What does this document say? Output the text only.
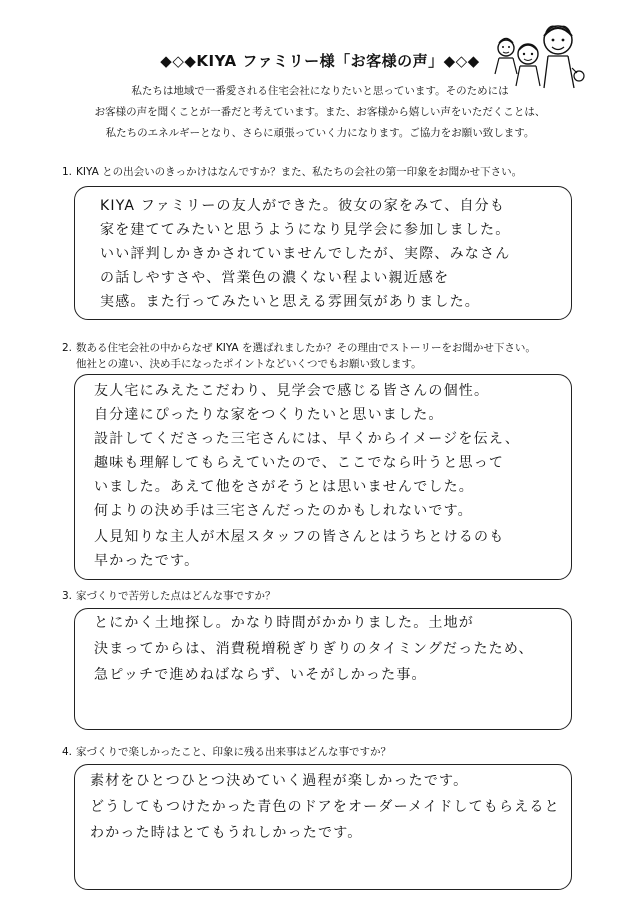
◆◇◆KIYA ファミリー様「お客様の声」◆◇◆
私たちは地域で一番愛される住宅会社になりたいと思っています。そのためには
お客様の声を聞くことが一番だと考えています。また、お客様から嬉しい声をいただくことは、
私たちのエネルギーとなり、さらに頑張っていく力になります。ご協力をお願い致します。
1. KIYA との出会いのきっかけはなんですか？また、私たちの会社の第一印象をお聞かせ下さい。
KIYA ファミリーの友人ができた。彼女の家をみて、自分も
家を建ててみたいと思うようになり見学会に参加しました。
いい評判しかきかされていませんでしたが、実際、みなさん
の話しやすさや、営業色の濃くない程よい親近感を
実感。また行ってみたいと思える雰囲気がありました。
2. 数ある住宅会社の中からなぜ KIYA を選ばれましたか？その理由でストーリーをお聞かせ下さい。
他社との違い、決め手になったポイントなどいくつでもお願い致します。
友人宅にみえたこだわり、見学会で感じる皆さんの個性。
自分達にぴったりな家をつくりたいと思いました。
設計してくださった三宅さんには、早くからイメージを伝え、
趣味も理解してもらえていたので、ここでなら叶うと思って
いました。あえて他をさがそうとは思いませんでした。
何よりの決め手は三宅さんだったのかもしれないです。
人見知りな主人が木屋スタッフの皆さんとはうちとけるのも
早かったです。
3. 家づくりで苦労した点はどんな事ですか？
とにかく土地探し。かなり時間がかかりました。土地が
決まってからは、消費税増税ぎりぎりのタイミングだったため、
急ピッチで進めねばならず、いそがしかった事。
4. 家づくりで楽しかったこと、印象に残る出来事はどんな事ですか？
素材をひとつひとつ決めていく過程が楽しかったです。
どうしてもつけたかった青色のドアをオーダーメイドしてもらえると
わかった時はとてもうれしかったです。
